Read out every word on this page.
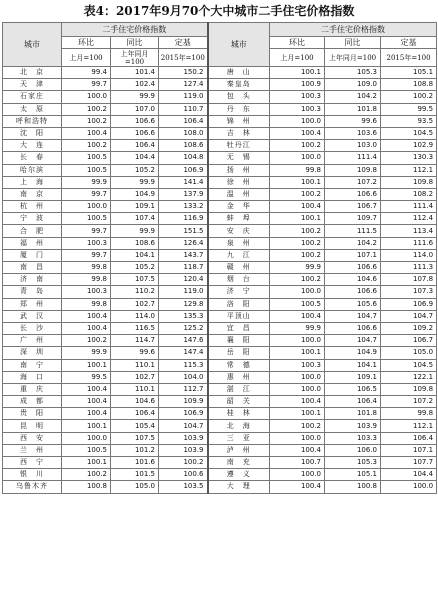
表4：2017年9月70个大中城市二手住宅价格指数
城市	二手住宅价格指数			城市	二手住宅价格指数		
	环比	同比	定基		环比	同比	定基
	上月=100	上年同月=100	2015年=100		上月=100	上年同月=100	2015年=100
北　京	99.4	101.4	150.2	唐　山	100.1	105.3	105.1
天　津	99.7	102.4	127.4	秦皇岛	100.9	109.0	108.8
石家庄	100.0	99.9	119.0	包　头	100.3	104.2	100.2
太　原	100.2	107.0	110.7	丹　东	100.3	101.8	99.5
呼和浩特	100.2	106.6	106.4	锦　州	100.0	99.6	93.5
沈　阳	100.4	106.6	108.0	吉　林	100.4	103.6	104.5
大　连	100.2	106.4	108.6	牡丹江	100.2	103.0	102.9
长　春	100.5	104.4	104.8	无　锡	100.0	111.4	130.3
哈尔滨	100.5	105.2	106.9	扬　州	99.8	109.8	112.1
上　海	99.9	99.9	141.4	徐　州	100.1	107.2	109.8
南　京	99.7	104.9	137.9	温　州	100.2	106.6	108.2
杭　州	100.0	109.1	133.2	金　华	100.4	106.7	111.4
宁　波	100.5	107.4	116.9	蚌　埠	100.1	109.7	112.4
合　肥	99.7	99.9	151.5	安　庆	100.2	111.5	113.4
福　州	100.3	108.6	126.4	泉　州	100.2	104.2	111.6
厦　门	99.7	104.1	143.7	九　江	100.2	107.1	114.0
南　昌	99.8	105.2	118.7	赣　州	99.9	106.6	111.3
济　南	99.8	107.5	120.4	烟　台	100.2	104.6	107.8
青　岛	100.3	110.2	119.0	济　宁	100.0	106.6	107.3
郑　州	99.8	102.7	129.8	洛　阳	100.5	105.6	106.9
武　汉	100.4	114.0	135.3	平顶山	100.4	104.7	104.7
长　沙	100.4	116.5	125.2	宜　昌	99.9	106.6	109.2
广　州	100.2	114.7	147.6	襄　阳	100.0	104.7	106.7
深　圳	99.9	99.6	147.4	岳　阳	100.1	104.9	105.0
南　宁	100.1	110.1	115.3	常　德	100.3	104.1	104.5
海　口	99.5	102.7	104.0	惠　州	100.0	109.1	122.1
重　庆	100.4	110.1	112.7	湛　江	100.0	106.5	109.8
成　都	100.4	104.6	109.9	韶　关	100.4	106.4	107.2
贵　阳	100.4	106.4	106.9	桂　林	100.1	101.8	99.8
昆　明	100.1	105.4	104.7	北　海	100.2	103.9	112.1
西　安	100.0	107.5	103.9	三　亚	100.0	103.3	106.4
兰　州	100.5	101.2	103.9	泸　州	100.4	106.0	107.1
西　宁	100.1	101.6	100.2	南　充	100.7	105.3	107.7
银　川	100.2	101.5	100.6	遵　义	100.0	105.1	104.4
乌鲁木齐	100.8	105.0	103.5	大　理	100.4	100.8	100.0
